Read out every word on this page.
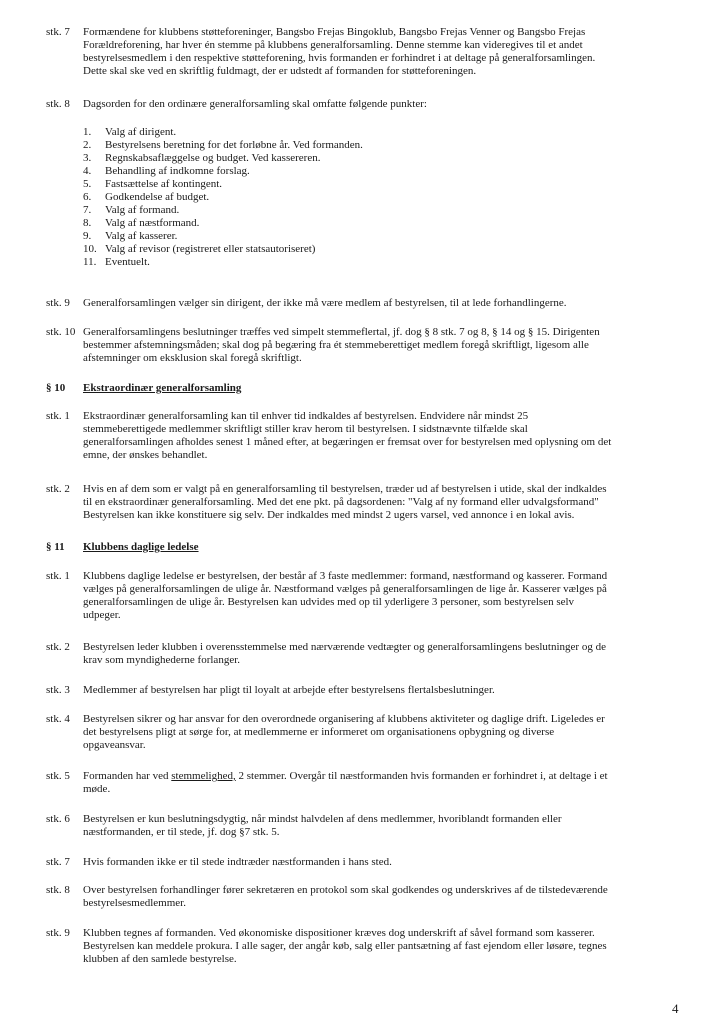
stk. 7	Formændene for klubbens støtteforeninger, Bangsbo Frejas Bingoklub, Bangsbo Frejas Venner og Bangsbo Frejas
Forældreforening, har hver én stemme på klubbens generalforsamling. Denne stemme kan videregives til et andet
bestyrelsesmedlem i den respektive støtteforening, hvis formanden er forhindret i at deltage på generalforsamlingen.
Dette skal ske ved en skriftlig fuldmagt, der er udstedt af formanden for støtteforeningen.
stk. 8	Dagsorden for den ordinære generalforsamling skal omfatte følgende punkter:
1.	Valg af dirigent.
2.	Bestyrelsens beretning for det forløbne år. Ved formanden.
3.	Regnskabsaflæggelse og budget. Ved kassereren.
4.	Behandling af indkomne forslag.
5.	Fastsættelse af kontingent.
6.	Godkendelse af budget.
7.	Valg af formand.
8.	Valg af næstformand.
9.	Valg af kasserer.
10. Valg af revisor (registreret eller statsautoriseret)
11. Eventuelt.
stk. 9	Generalforsamlingen vælger sin dirigent, der ikke må være medlem af bestyrelsen, til at lede forhandlingerne.
stk. 10 Generalforsamlingens beslutninger træffes ved simpelt stemmeflertal, jf. dog § 8 stk. 7 og 8, § 14 og § 15. Dirigenten
bestemmer afstemningsmåden; skal dog på begæring fra ét stemmeberettiget medlem foregå skriftligt, ligesom alle
afstemninger om eksklusion skal foregå skriftligt.
§ 10	Ekstraordinær generalforsamling
stk. 1	Ekstraordinær generalforsamling kan til enhver tid indkaldes af bestyrelsen. Endvidere når mindst 25
stemmeberettigede medlemmer skriftligt stiller krav herom til bestyrelsen. I sidstnævnte tilfælde skal
generalforsamlingen afholdes senest 1 måned efter, at begæringen er fremsat over for bestyrelsen med oplysning om det
emne, der ønskes behandlet.
stk. 2	Hvis en af dem som er valgt på en generalforsamling til bestyrelsen, træder ud af bestyrelsen i utide, skal der indkaldes
til en ekstraordinær generalforsamling. Med det ene pkt. på dagsordenen: "Valg af ny formand eller udvalgsformand"
Bestyrelsen kan ikke konstituere sig selv. Der indkaldes med mindst 2 ugers varsel, ved annonce i en lokal avis.
§ 11	Klubbens daglige ledelse
stk. 1	Klubbens daglige ledelse er bestyrelsen, der består af 3 faste medlemmer: formand, næstformand og kasserer. Formand
vælges på generalforsamlingen de ulige år. Næstformand vælges på generalforsamlingen de lige år. Kasserer vælges på
generalforsamlingen de ulige år. Bestyrelsen kan udvides med op til yderligere 3 personer, som bestyrelsen selv
udpeger.
stk. 2	Bestyrelsen leder klubben i overensstemmelse med nærværende vedtægter og generalforsamlingens beslutninger og de
krav som myndighederne forlanger.
stk. 3	Medlemmer af bestyrelsen har pligt til loyalt at arbejde efter bestyrelsens flertalsbeslutninger.
stk. 4	Bestyrelsen sikrer og har ansvar for den overordnede organisering af klubbens aktiviteter og daglige drift. Ligeledes er
det bestyrelsens pligt at sørge for, at medlemmerne er informeret om organisationens opbygning og diverse
opgaveansvar.
stk. 5	Formanden har ved stemmelighed, 2 stemmer. Overgår til næstformanden hvis formanden er forhindret i, at deltage i et
møde.
stk. 6	Bestyrelsen er kun beslutningsdygtig, når mindst halvdelen af dens medlemmer, hvoriblandt formanden eller
næstformanden, er til stede, jf. dog §7 stk. 5.
stk. 7	Hvis formanden ikke er til stede indtræder næstformanden i hans sted.
stk. 8	Over bestyrelsen forhandlinger fører sekretæren en protokol som skal godkendes og underskrives af de tilstedeværende
bestyrelsesmedlemmer.
stk. 9	Klubben tegnes af formanden. Ved økonomiske dispositioner kræves dog underskrift af såvel formand som kasserer.
Bestyrelsen kan meddele prokura. I alle sager, der angår køb, salg eller pantsætning af fast ejendom eller løsøre, tegnes
klubben af den samlede bestyrelse.
4
